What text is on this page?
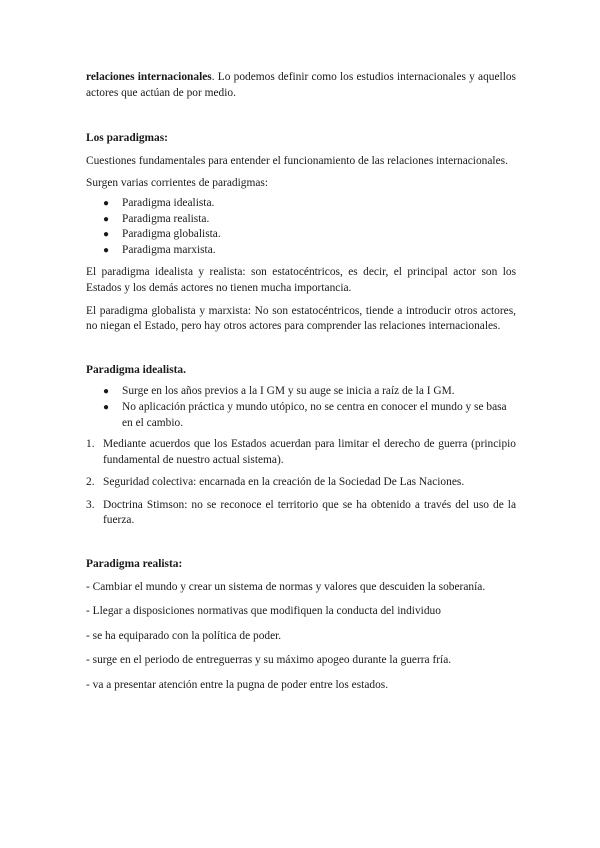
relaciones internacionales. Lo podemos definir como los estudios internacionales y aquellos actores que actúan de por medio.

Los paradigmas:

Cuestiones fundamentales para entender el funcionamiento de las relaciones internacionales.

Surgen varias corrientes de paradigmas:

● Paradigma idealista.
● Paradigma realista.
● Paradigma globalista.
● Paradigma marxista.

El paradigma idealista y realista: son estatocéntricos, es decir, el principal actor son los Estados y los demás actores no tienen mucha importancia.

El paradigma globalista y marxista: No son estatocéntricos, tiende a introducir otros actores, no niegan el Estado, pero hay otros actores para comprender las relaciones internacionales.

Paradigma idealista.

● Surge en los años previos a la I GM y su auge se inicia a raíz de la I GM.
● No aplicación práctica y mundo utópico, no se centra en conocer el mundo y se basa en el cambio.
1. Mediante acuerdos que los Estados acuerdan para limitar el derecho de guerra (principio fundamental de nuestro actual sistema).
2. Seguridad colectiva: encarnada en la creación de la Sociedad De Las Naciones.
3. Doctrina Stimson: no se reconoce el territorio que se ha obtenido a través del uso de la fuerza.

Paradigma realista:

- Cambiar el mundo y crear un sistema de normas y valores que descuiden la soberanía.

- Llegar a disposiciones normativas que modifiquen la conducta del individuo

- se ha equiparado con la política de poder.

- surge en el periodo de entreguerras y su máximo apogeo durante la guerra fría.

- va a presentar atención entre la pugna de poder entre los estados.
